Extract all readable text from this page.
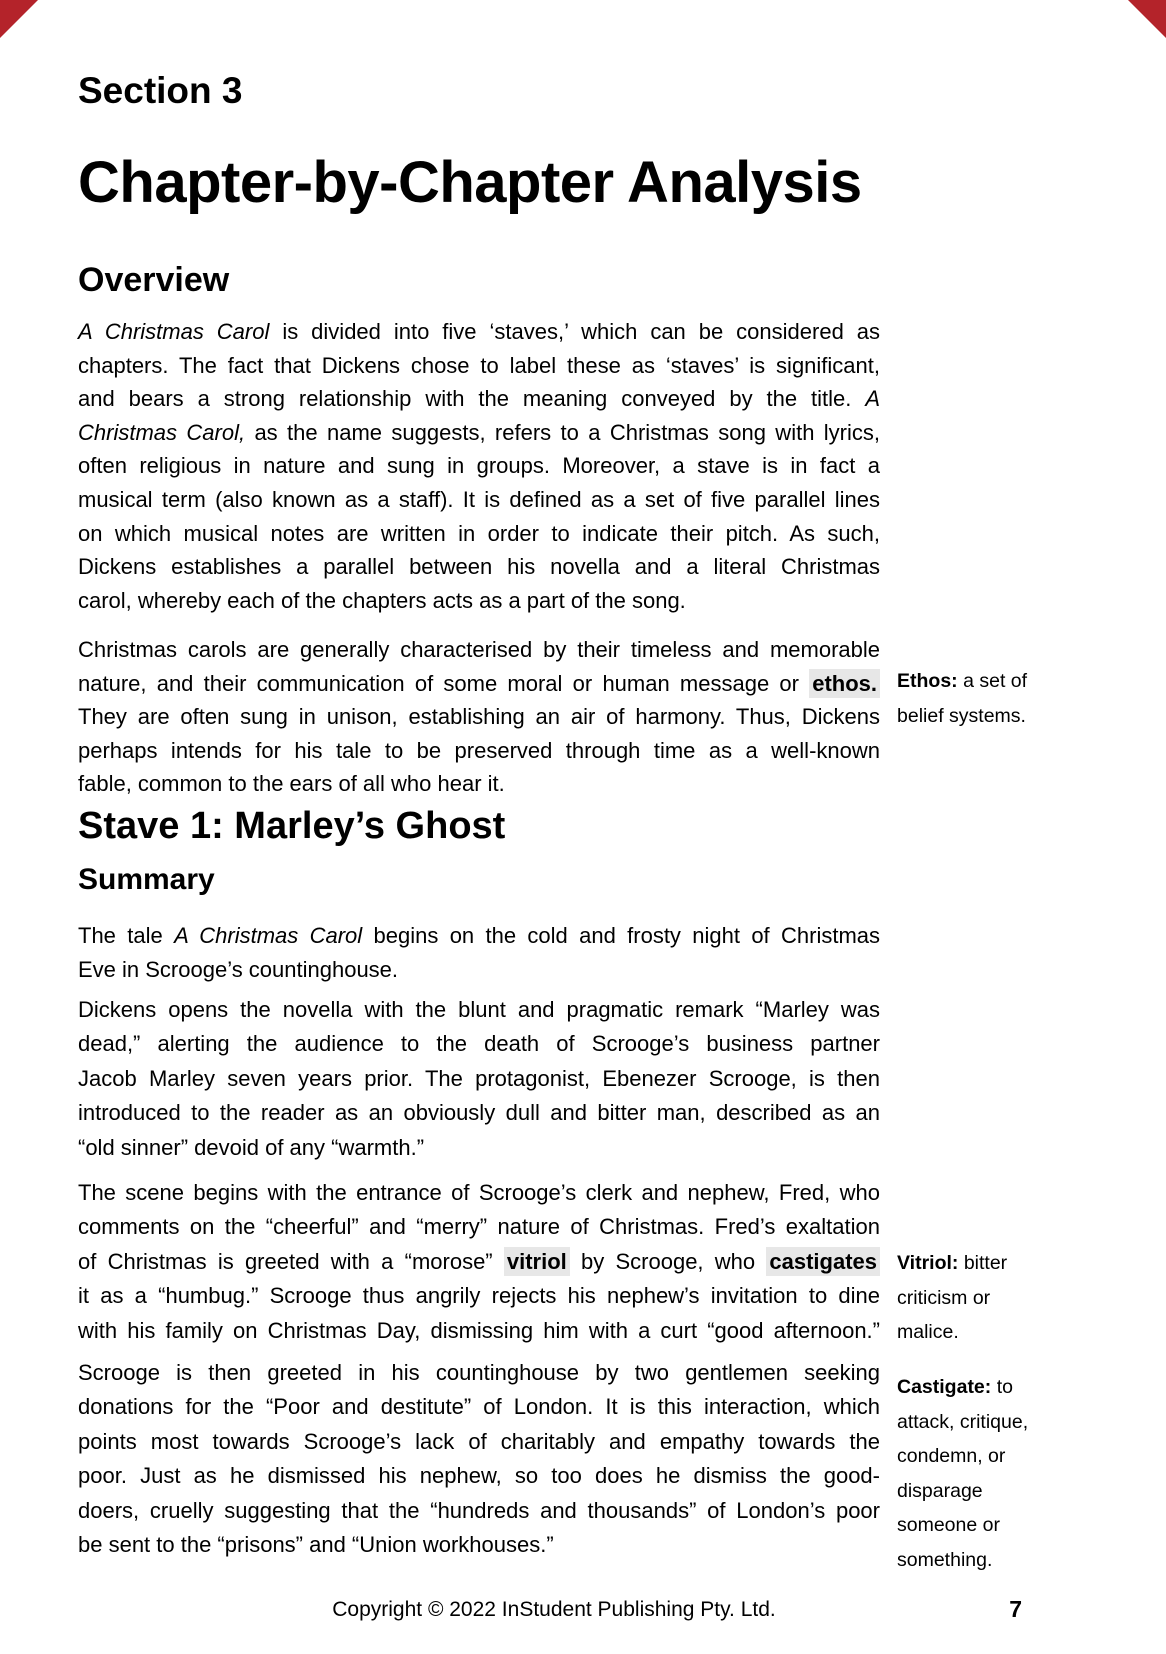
Section 3
Chapter-by-Chapter Analysis
Overview
A Christmas Carol is divided into five ‘staves,’ which can be considered as
chapters. The fact that Dickens chose to label these as ‘staves’ is significant,
and bears a strong relationship with the meaning conveyed by the title. A
Christmas Carol, as the name suggests, refers to a Christmas song with lyrics,
often religious in nature and sung in groups. Moreover, a stave is in fact a
musical term (also known as a staff). It is defined as a set of five parallel lines
on which musical notes are written in order to indicate their pitch. As such,
Dickens establishes a parallel between his novella and a literal Christmas
carol, whereby each of the chapters acts as a part of the song.
Christmas carols are generally characterised by their timeless and memorable
nature, and their communication of some moral or human message or ethos.
They are often sung in unison, establishing an air of harmony. Thus, Dickens
perhaps intends for his tale to be preserved through time as a well-known
fable, common to the ears of all who hear it.
Ethos: a set of
belief systems.
Stave 1: Marley’s Ghost
Summary
The tale A Christmas Carol begins on the cold and frosty night of Christmas
Eve in Scrooge’s countinghouse.
Dickens opens the novella with the blunt and pragmatic remark “Marley was
dead,” alerting the audience to the death of Scrooge’s business partner
Jacob Marley seven years prior. The protagonist, Ebenezer Scrooge, is then
introduced to the reader as an obviously dull and bitter man, described as an
“old sinner” devoid of any “warmth.”
The scene begins with the entrance of Scrooge’s clerk and nephew, Fred, who
comments on the “cheerful” and “merry” nature of Christmas. Fred’s exaltation
of Christmas is greeted with a “morose” vitriol by Scrooge, who castigates
it as a “humbug.” Scrooge thus angrily rejects his nephew’s invitation to dine
with his family on Christmas Day, dismissing him with a curt “good afternoon.”
Scrooge is then greeted in his countinghouse by two gentlemen seeking
donations for the “Poor and destitute” of London. It is this interaction, which
points most towards Scrooge’s lack of charitably and empathy towards the
poor. Just as he dismissed his nephew, so too does he dismiss the good-
doers, cruelly suggesting that the “hundreds and thousands” of London’s poor
be sent to the “prisons” and “Union workhouses.”
Vitriol: bitter
criticism or
malice.
Castigate: to
attack, critique,
condemn, or
disparage
someone or
something.
Copyright © 2022 InStudent Publishing Pty. Ltd.	7
